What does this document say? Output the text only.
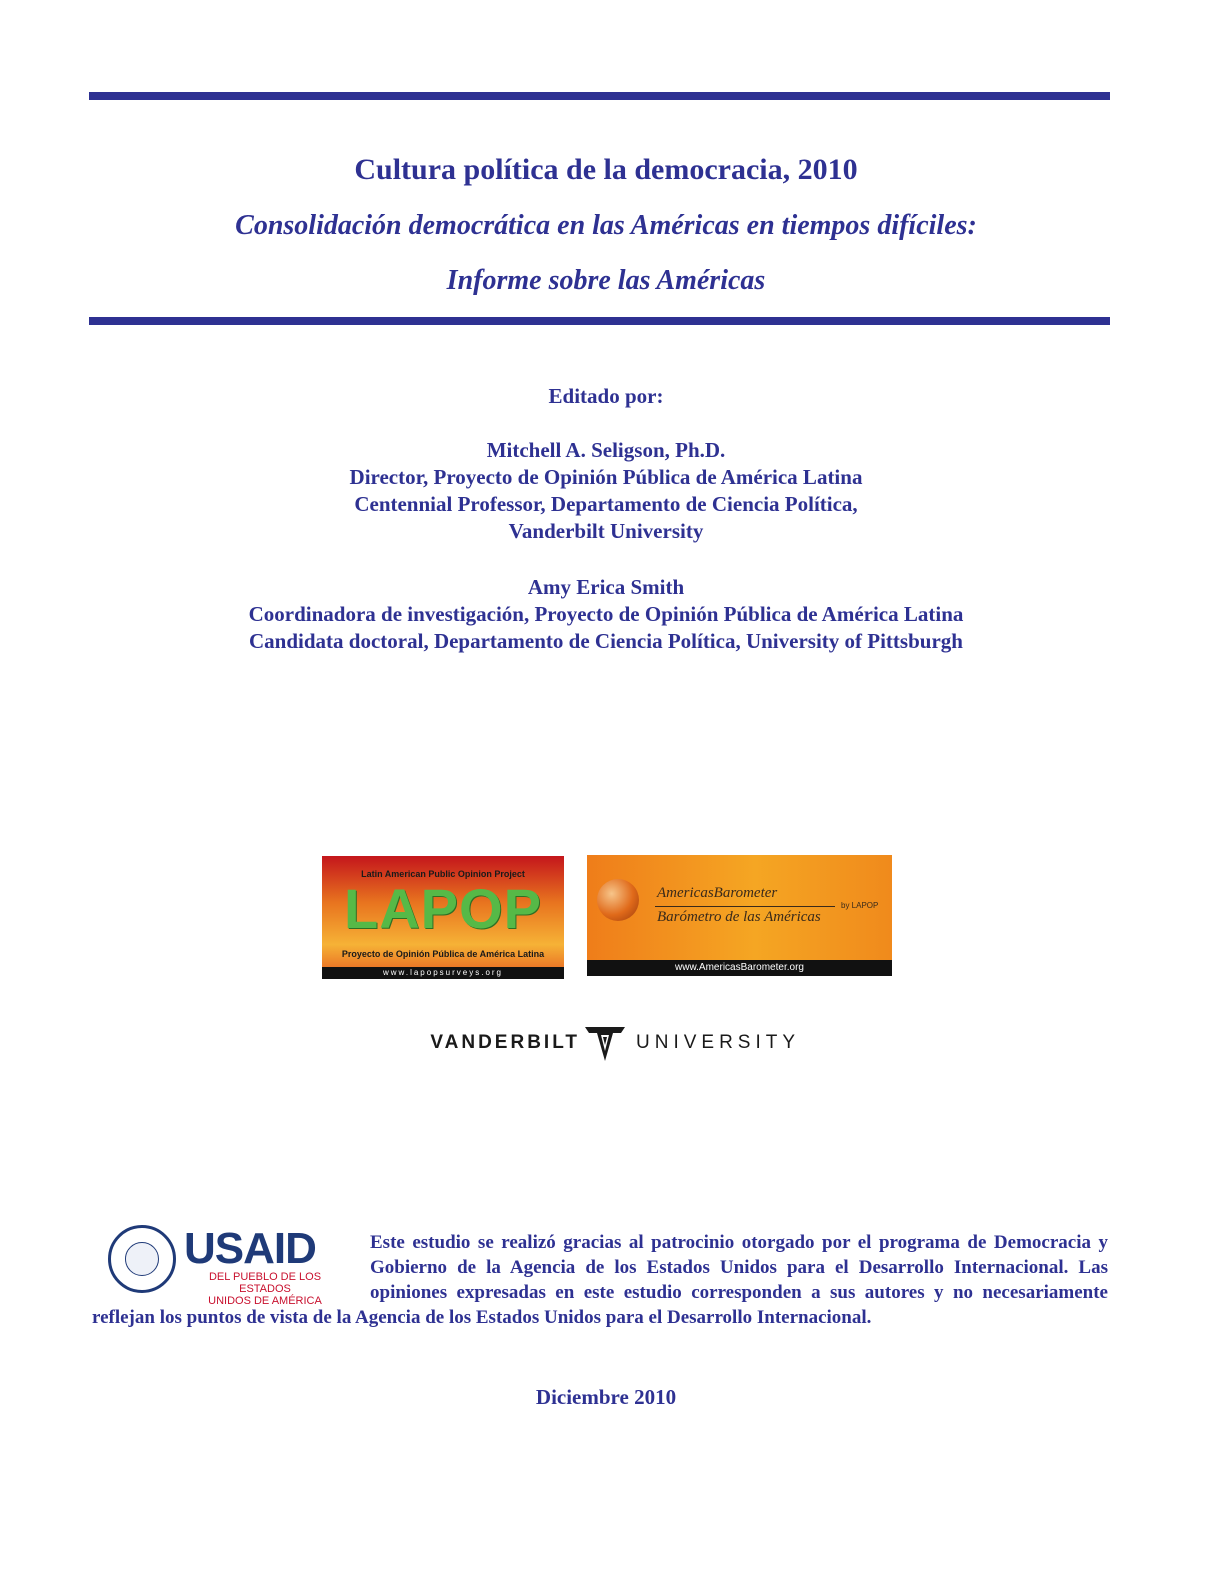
Cultura política de la democracia, 2010
Consolidación democrática en las Américas en tiempos difíciles:
Informe sobre las Américas
Editado por:
Mitchell A. Seligson, Ph.D.
Director, Proyecto de Opinión Pública de América Latina
Centennial Professor, Departamento de Ciencia Política,
Vanderbilt University
Amy Erica Smith
Coordinadora de investigación, Proyecto de Opinión Pública de América Latina
Candidata doctoral, Departamento de Ciencia Política, University of Pittsburgh
Latin American Public Opinion Project
LAPOP
Proyecto de Opinión Pública de América Latina
www.lapopsurveys.org
AmericasBarometer
Barómetro de las Américas
by LAPOP
www.AmericasBarometer.org
VANDERBILT	UNIVERSITY
USAID
DEL PUEBLO DE LOS ESTADOS
UNIDOS DE AMÉRICA
Este estudio se realizó gracias al patrocinio otorgado por el programa de Democracia y Gobierno de la Agencia de los Estados Unidos para el Desarrollo Internacional. Las opiniones expresadas en este estudio corresponden a sus autores y no necesariamente reflejan los puntos de vista de la Agencia de los Estados Unidos para el Desarrollo Internacional.
Diciembre 2010
